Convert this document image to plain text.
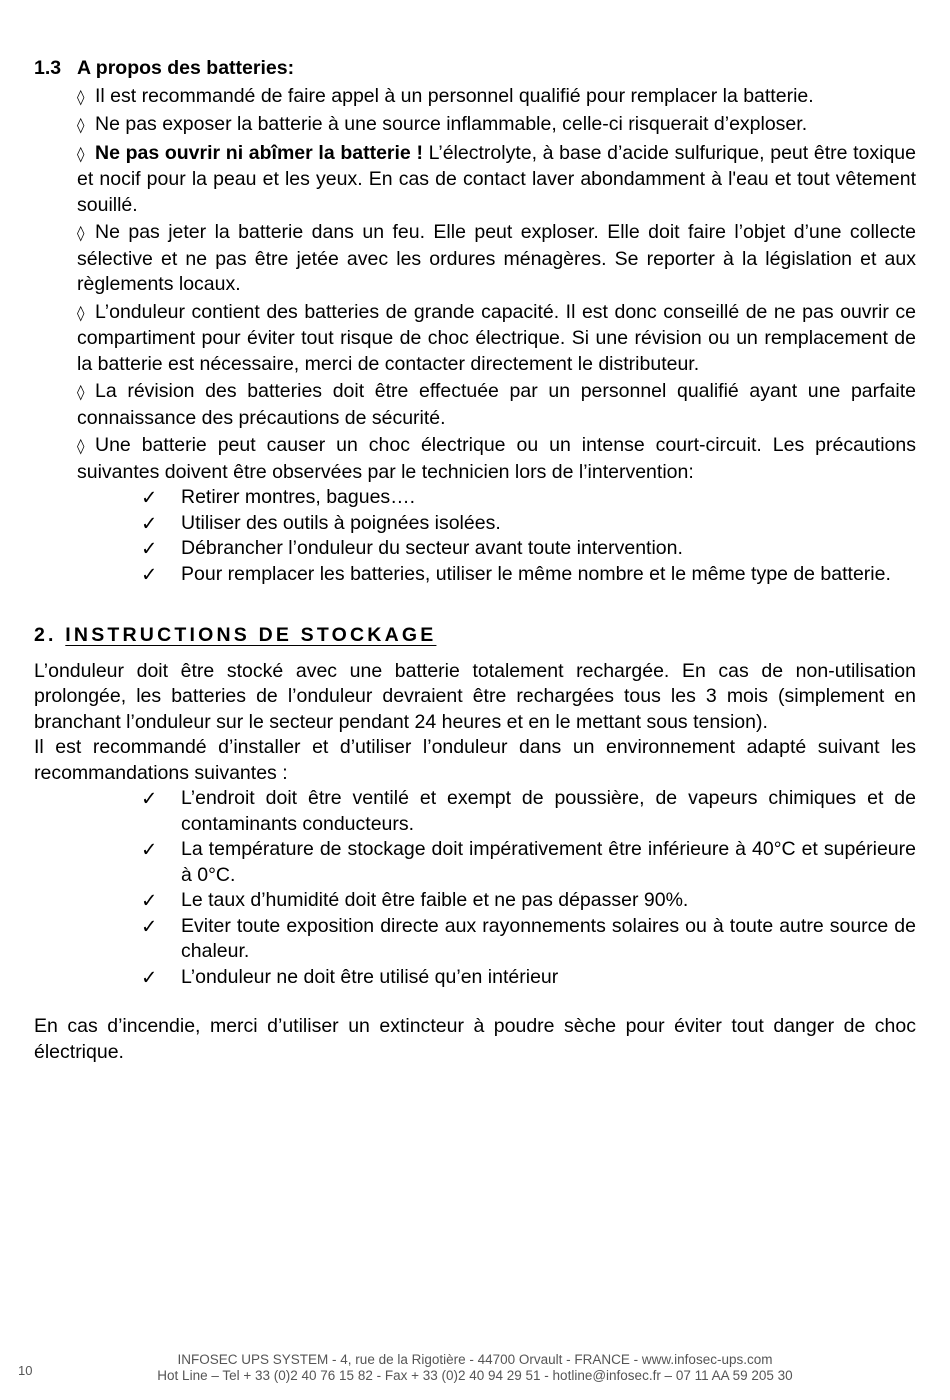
1.3 A propos des batteries:

◊ Il est recommandé de faire appel à un personnel qualifié pour remplacer la batterie.

◊ Ne pas exposer la batterie à une source inflammable, celle-ci risquerait d’exploser.

◊ Ne pas ouvrir ni abîmer la batterie ! L’électrolyte, à base d’acide sulfurique, peut être toxique et nocif pour la peau et les yeux. En cas de contact laver abondamment à l'eau et tout vêtement souillé.

◊ Ne pas jeter la batterie dans un feu. Elle peut exploser. Elle doit faire l’objet d’une collecte sélective et ne pas être jetée avec les ordures ménagères. Se reporter à la législation et aux règlements locaux.

◊ L’onduleur contient des batteries de grande capacité. Il est donc conseillé de ne pas ouvrir ce compartiment pour éviter tout risque de choc électrique. Si une révision ou un remplacement de la batterie est nécessaire, merci de contacter directement le distributeur.

◊ La révision des batteries doit être effectuée par un personnel qualifié ayant une parfaite connaissance des précautions de sécurité.

◊ Une batterie peut causer un choc électrique ou un intense court-circuit. Les précautions suivantes doivent être observées par le technicien lors de l’intervention:

✓	Retirer montres, bagues….
✓	Utiliser des outils à poignées isolées.
✓	Débrancher l’onduleur du secteur avant toute intervention.
✓	Pour remplacer les batteries, utiliser le même nombre et le même type de batterie.
2. INSTRUCTIONS DE STOCKAGE

L’onduleur doit être stocké avec une batterie totalement rechargée. En cas de non-utilisation prolongée, les batteries de l’onduleur devraient être rechargées tous les 3 mois (simplement en branchant l’onduleur sur le secteur pendant 24 heures et en le mettant sous tension).

Il est recommandé d’installer et d’utiliser l’onduleur dans un environnement adapté suivant les recommandations suivantes :

✓	L’endroit doit être ventilé et exempt de poussière, de vapeurs chimiques et de contaminants conducteurs.
✓	La température de stockage doit impérativement être inférieure à 40°C et supérieure à 0°C.
✓	Le taux d’humidité doit être faible et ne pas dépasser 90%.
✓	Eviter toute exposition directe aux rayonnements solaires ou à toute autre source de chaleur.
✓	L’onduleur ne doit être utilisé qu’en intérieur

En cas d’incendie, merci d’utiliser un extincteur à poudre sèche pour éviter tout danger de choc électrique.

10
INFOSEC UPS SYSTEM - 4, rue de la Rigotière - 44700 Orvault - FRANCE - www.infosec-ups.com
Hot Line – Tel + 33 (0)2 40 76 15 82 - Fax + 33 (0)2 40 94 29 51 - hotline@infosec.fr – 07 11 AA 59 205 30
